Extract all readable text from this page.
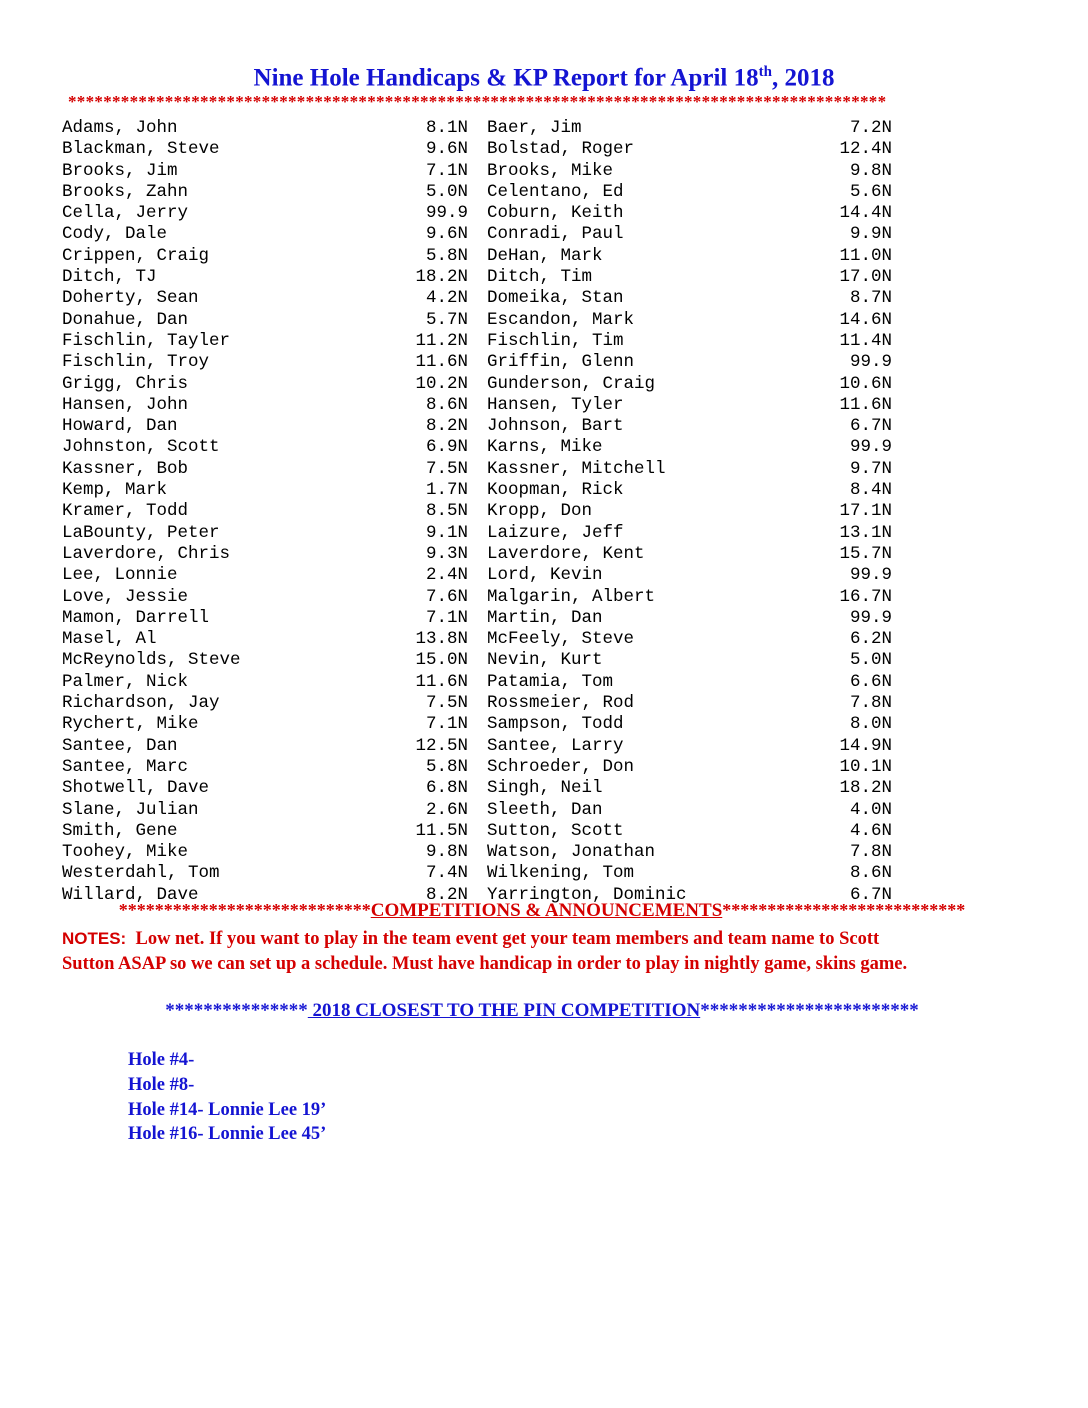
Nine Hole Handicaps & KP Report for April 18th, 2018
*********************************************************************************************
Adams, John	8.1N Baer, Jim	7.2N
Blackman, Steve	9.6N Bolstad, Roger	12.4N
Brooks, Jim	7.1N Brooks, Mike	9.8N
Brooks, Zahn	5.0N Celentano, Ed	5.6N
Cella, Jerry	99.9 Coburn, Keith	14.4N
Cody, Dale	9.6N Conradi, Paul	9.9N
Crippen, Craig	5.8N DeHan, Mark	11.0N
Ditch, TJ	18.2N Ditch, Tim	17.0N
Doherty, Sean	4.2N Domeika, Stan	8.7N
Donahue, Dan	5.7N Escandon, Mark	14.6N
Fischlin, Tayler	11.2N Fischlin, Tim	11.4N
Fischlin, Troy	11.6N Griffin, Glenn	99.9
Grigg, Chris	10.2N Gunderson, Craig	10.6N
Hansen, John	8.6N Hansen, Tyler	11.6N
Howard, Dan	8.2N Johnson, Bart	6.7N
Johnston, Scott	6.9N Karns, Mike	99.9
Kassner, Bob	7.5N Kassner, Mitchell	9.7N
Kemp, Mark	1.7N Koopman, Rick	8.4N
Kramer, Todd	8.5N Kropp, Don	17.1N
LaBounty, Peter	9.1N Laizure, Jeff	13.1N
Laverdore, Chris	9.3N Laverdore, Kent	15.7N
Lee, Lonnie	2.4N Lord, Kevin	99.9
Love, Jessie	7.6N Malgarin, Albert	16.7N
Mamon, Darrell	7.1N Martin, Dan	99.9
Masel, Al	13.8N McFeely, Steve	6.2N
McReynolds, Steve	15.0N Nevin, Kurt	5.0N
Palmer, Nick	11.6N Patamia, Tom	6.6N
Richardson, Jay	7.5N Rossmeier, Rod	7.8N
Rychert, Mike	7.1N Sampson, Todd	8.0N
Santee, Dan	12.5N Santee, Larry	14.9N
Santee, Marc	5.8N Schroeder, Don	10.1N
Shotwell, Dave	6.8N Singh, Neil	18.2N
Slane, Julian	2.6N Sleeth, Dan	4.0N
Smith, Gene	11.5N Sutton, Scott	4.6N
Toohey, Mike	9.8N Watson, Jonathan	7.8N
Westerdahl, Tom	7.4N Wilkening, Tom	8.6N
Willard, Dave	8.2N Yarrington, Dominic	6.7N
****************************COMPETITIONS & ANNOUNCEMENTS***************************
NOTES: Low net. If you want to play in the team event get your team members and team name to Scott
Sutton ASAP so we can set up a schedule. Must have handicap in order to play in nightly game, skins game.
*************** 2018 CLOSEST TO THE PIN COMPETITION***********************
Hole #4-
Hole #8-
Hole #14- Lonnie Lee 19’
Hole #16- Lonnie Lee 45’
